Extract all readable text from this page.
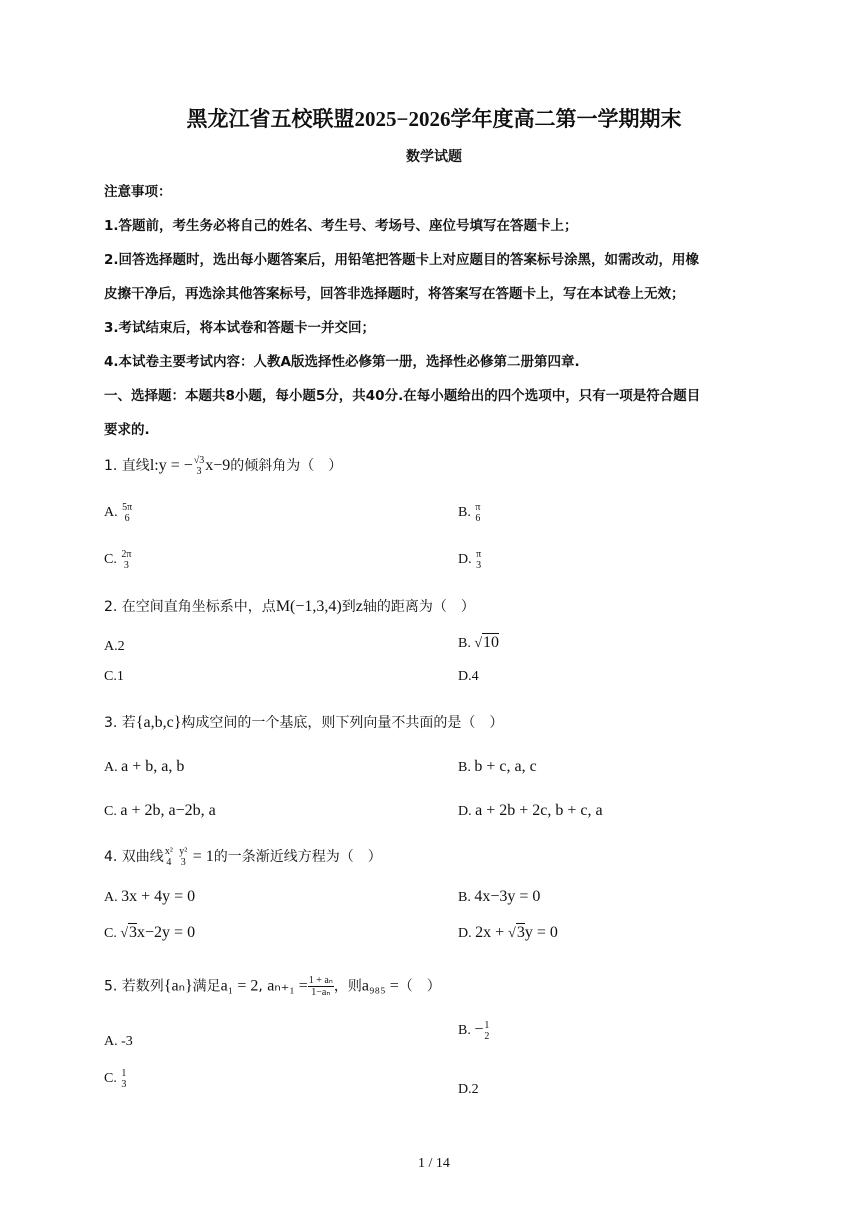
黑龙江省五校联盟2025−2026学年度高二第一学期期末
数学试题
注意事项：
1.答题前，考生务必将自己的姓名、考生号、考场号、座位号填写在答题卡上；
2.回答选择题时，选出每小题答案后，用铅笔把答题卡上对应题目的答案标号涂黑，如需改动，用橡
皮擦干净后，再选涂其他答案标号，回答非选择题时，将答案写在答题卡上，写在本试卷上无效；
3.考试结束后，将本试卷和答题卡一并交回；
4.本试卷主要考试内容：人教A版选择性必修第一册，选择性必修第二册第四章.
一、选择题：本题共8小题，每小题5分，共40分.在每小题给出的四个选项中，只有一项是符合题目
要求的.
1. 直线l:y = − √3
3 x−9的倾斜角为（　）
A. 5π
6	B. π
6
C. 2π
3	D. π
3
2. 在空间直角坐标系中，点M(−1,3,4)到z轴的距离为（　）
A.2	B. √10
C.1	D.4
3. 若{a,b,c}构成空间的一个基底，则下列向量不共面的是（　）
A. a + b, a, b	B. b + c, a, c
C. a + 2b, a−2b, a	D. a + 2b + 2c, b + c, a
4. 双曲线 x²
4

y²
3 = 1的一条渐近线方程为（　）
A. 3x + 4y = 0	B. 4x−3y = 0
C. √3x−2y = 0	D. 2x + √3y = 0
5. 若数列{aₙ}满足a₁ = 2, $a_{n+1} = \frac{\text{1 + aₙ}}{\text{1−aₙ}}$ ，则a₉₈₅ =（　）
A. -3
B. − 1
2
C. 1
3	D.2
1 / 14
